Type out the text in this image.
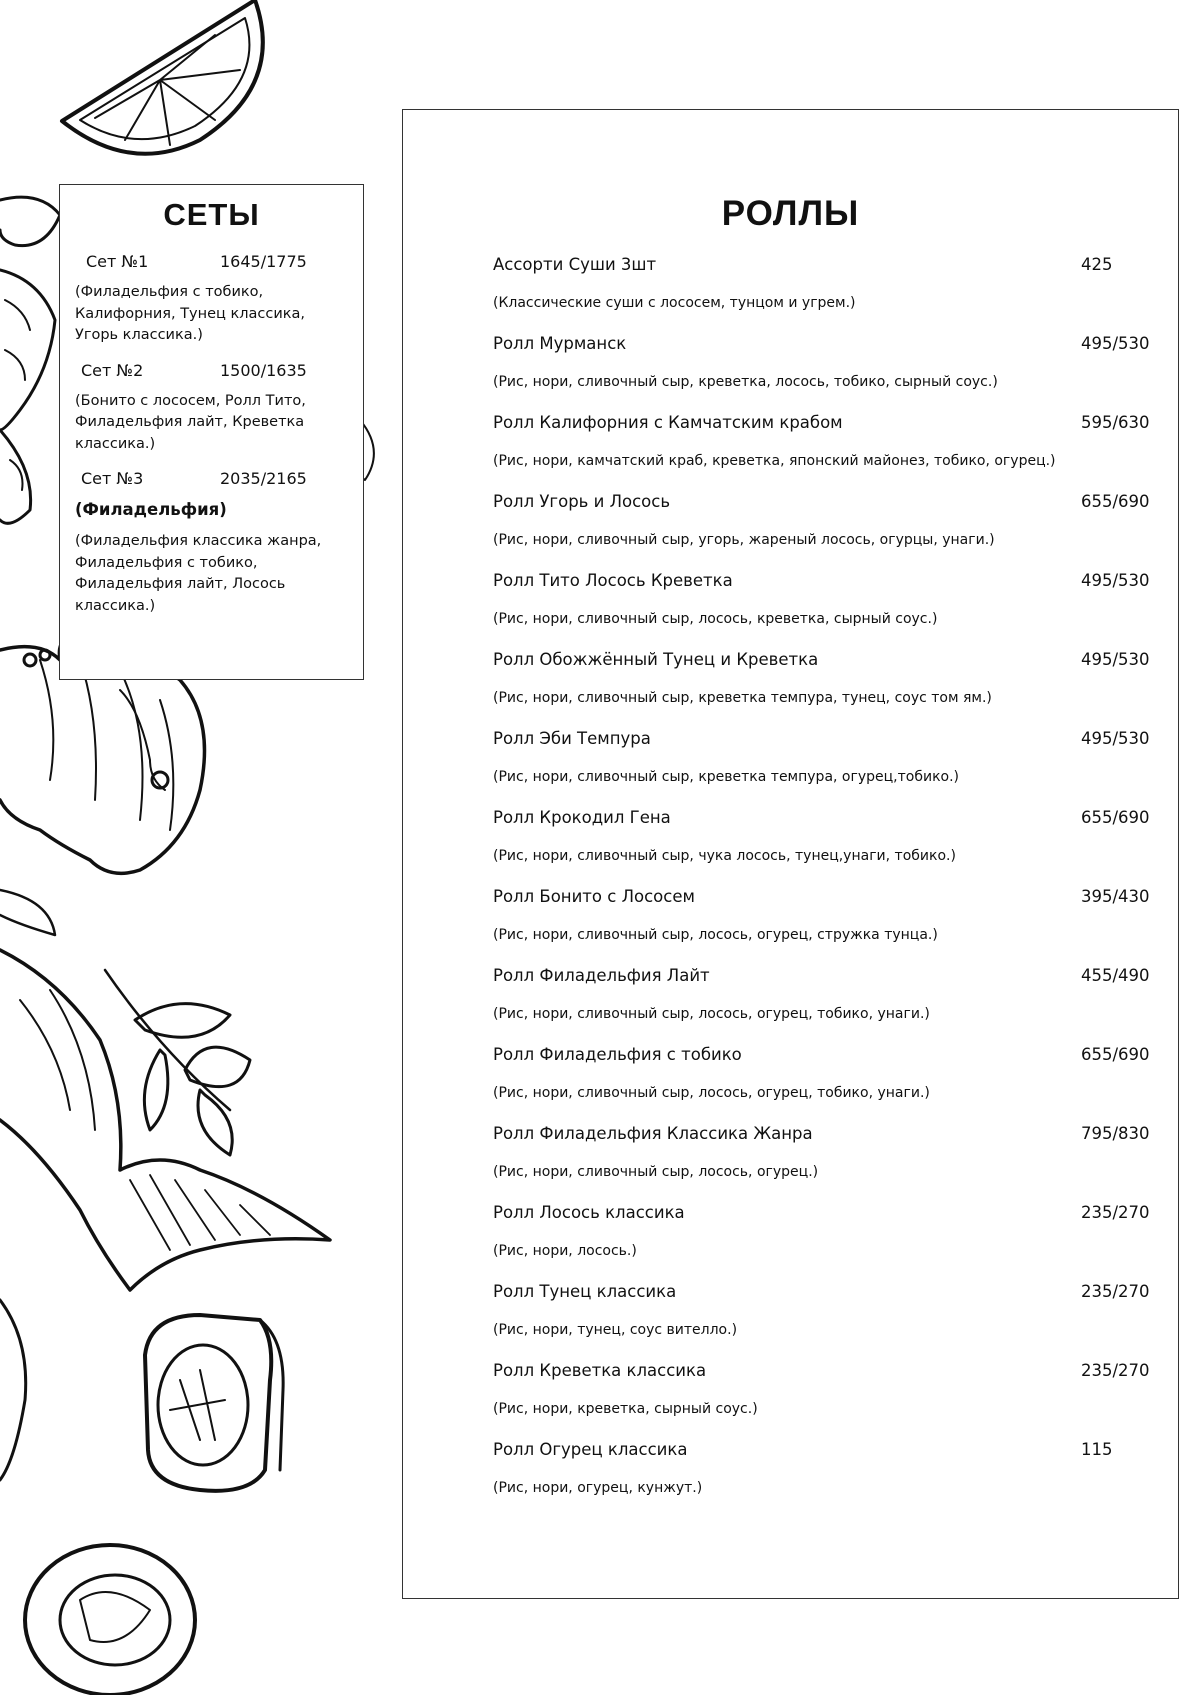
СЕТЫ
Сет №1	1645/1775

(Филадельфия с тобико, Калифорния, Тунец классика, Угорь классика.)

Сет №2	1500/1635

(Бонито с лососем, Ролл Тито, Филадельфия лайт, Креветка классика.)

Сет №3	2035/2165

(Филадельфия)

(Филадельфия классика жанра, Филадельфия с тобико, Филадельфия лайт, Лосось классика.)

РОЛЛЫ
Ассорти Суши 3шт	425
(Классические суши с лососем, тунцом и угрем.)
Ролл Мурманск	495/530
(Рис, нори, сливочный сыр, креветка, лосось, тобико, сырный соус.)
Ролл Калифорния с Камчатским крабом	595/630
(Рис, нори, камчатский краб, креветка, японский майонез, тобико, огурец.)
Ролл Угорь и Лосось	655/690
(Рис, нори, сливочный сыр, угорь, жареный лосось, огурцы, унаги.)
Ролл Тито Лосось Креветка	495/530
(Рис, нори, сливочный сыр, лосось, креветка, сырный соус.)
Ролл Обожжённый Тунец и Креветка	495/530
(Рис, нори, сливочный сыр, креветка темпура, тунец, соус том ям.)
Ролл Эби Темпура	495/530
(Рис, нори, сливочный сыр, креветка темпура, огурец,тобико.)
Ролл Крокодил Гена	655/690
(Рис, нори, сливочный сыр, чука лосось, тунец,унаги, тобико.)
Ролл Бонито с Лососем	395/430
(Рис, нори, сливочный сыр, лосось, огурец, стружка тунца.)
Ролл Филадельфия Лайт	455/490
(Рис, нори, сливочный сыр, лосось, огурец, тобико, унаги.)
Ролл Филадельфия с тобико	655/690
(Рис, нори, сливочный сыр, лосось, огурец, тобико, унаги.)
Ролл Филадельфия Классика Жанра	795/830
(Рис, нори, сливочный сыр, лосось, огурец.)
Ролл Лосось классика	235/270
(Рис, нори, лосось.)
Ролл Тунец классика	235/270
(Рис, нори, тунец, соус вителло.)
Ролл Креветка классика	235/270
(Рис, нори, креветка, сырный соус.)
Ролл Огурец классика	115
(Рис, нори, огурец, кунжут.)
